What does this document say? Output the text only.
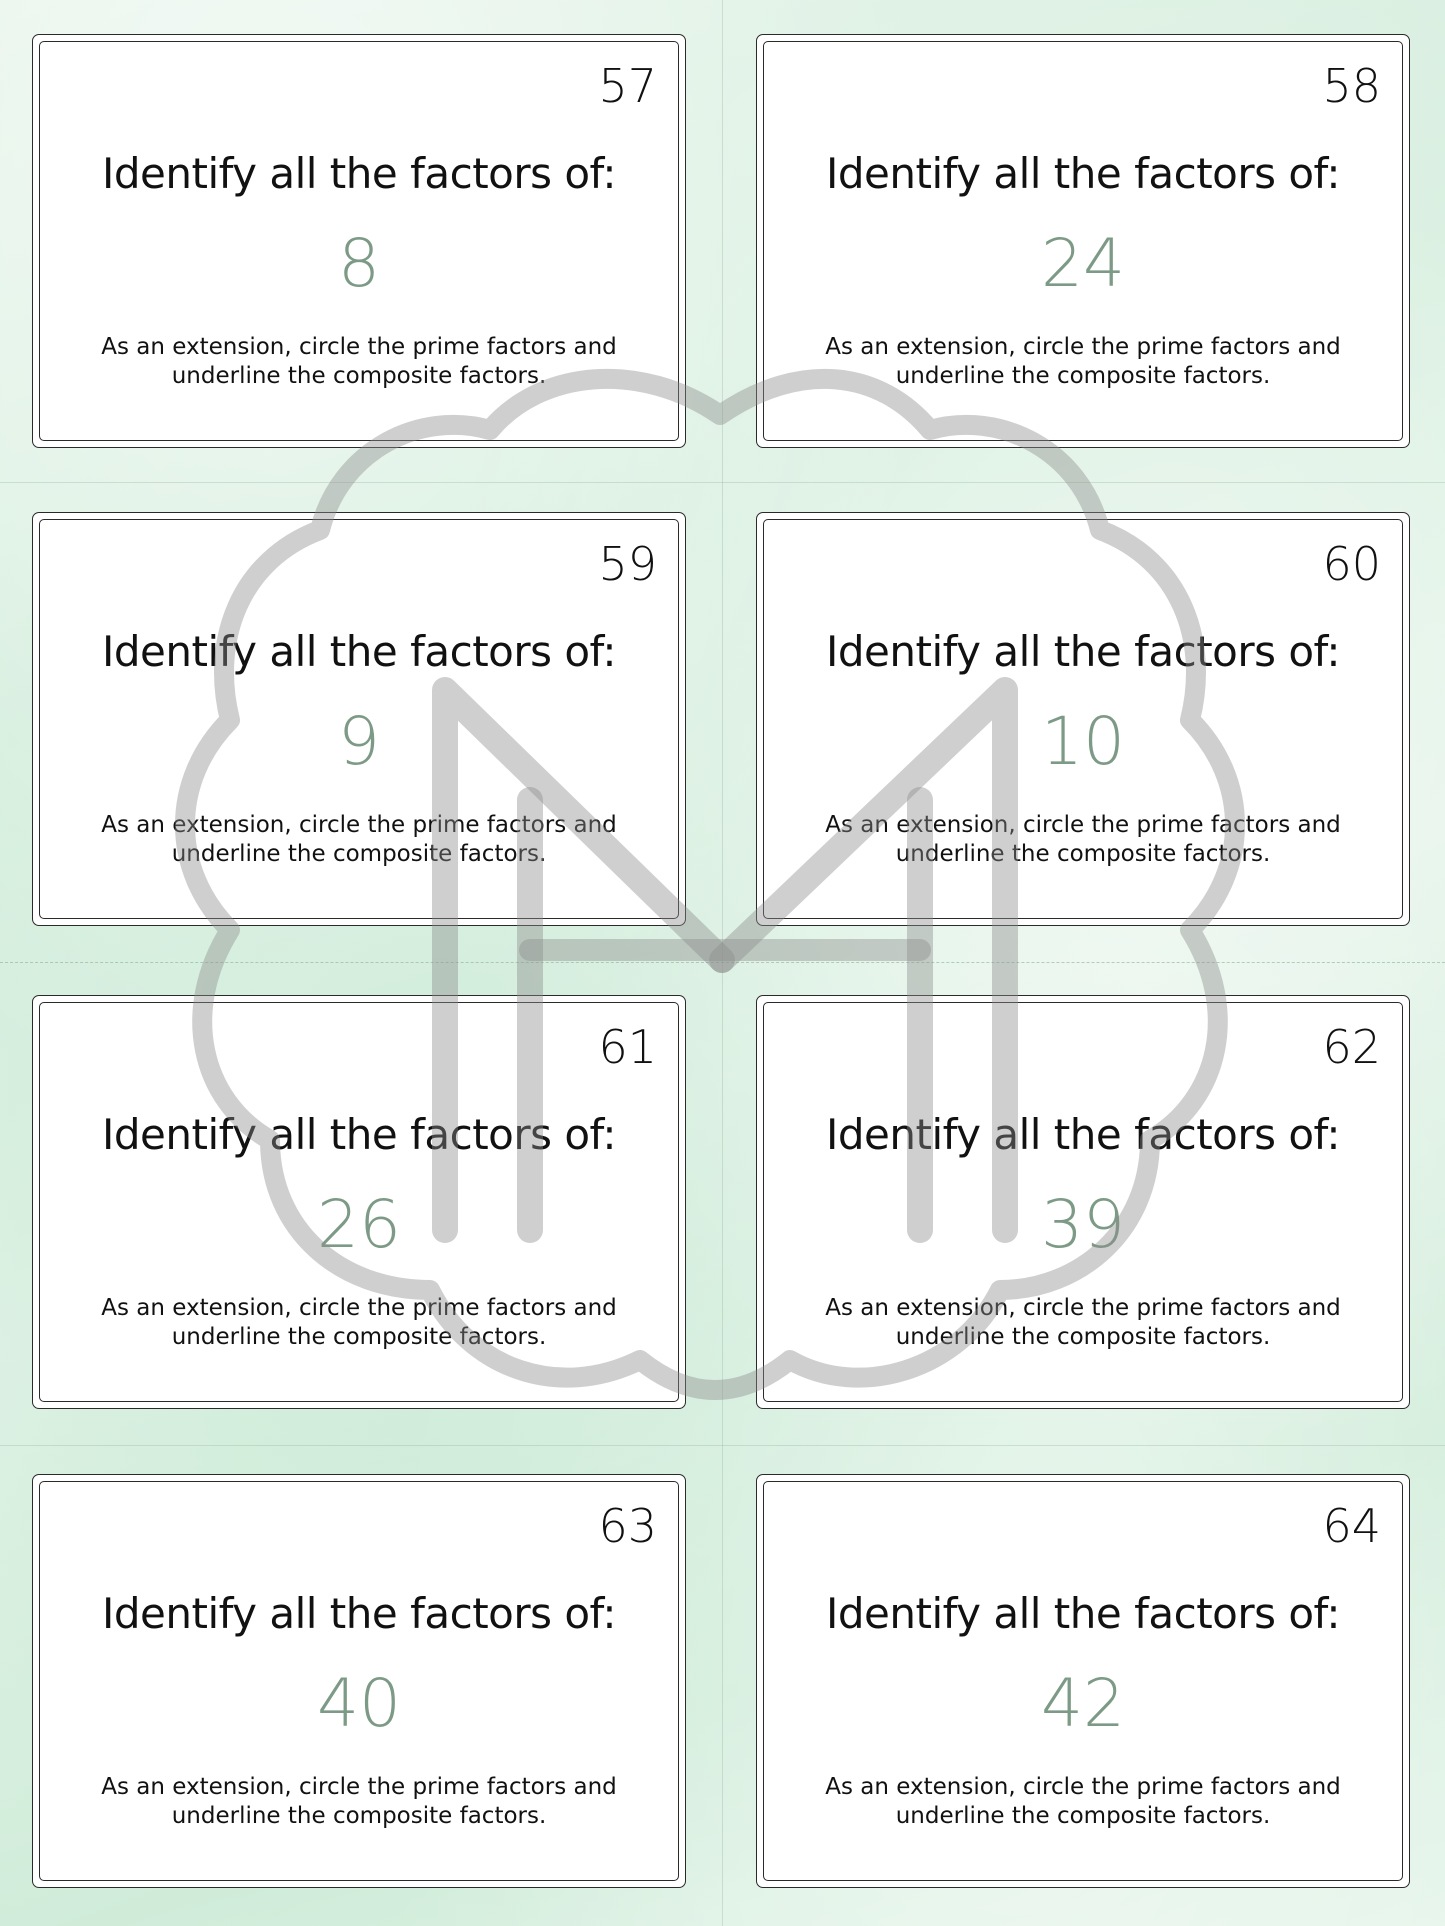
57
Identify all the factors of:
8
As an extension, circle the prime factors and underline the composite factors.
58
Identify all the factors of:
24
As an extension, circle the prime factors and underline the composite factors.
59
Identify all the factors of:
9
As an extension, circle the prime factors and underline the composite factors.
60
Identify all the factors of:
10
As an extension, circle the prime factors and underline the composite factors.
61
Identify all the factors of:
26
As an extension, circle the prime factors and underline the composite factors.
62
Identify all the factors of:
39
As an extension, circle the prime factors and underline the composite factors.
63
Identify all the factors of:
40
As an extension, circle the prime factors and underline the composite factors.
64
Identify all the factors of:
42
As an extension, circle the prime factors and underline the composite factors.
